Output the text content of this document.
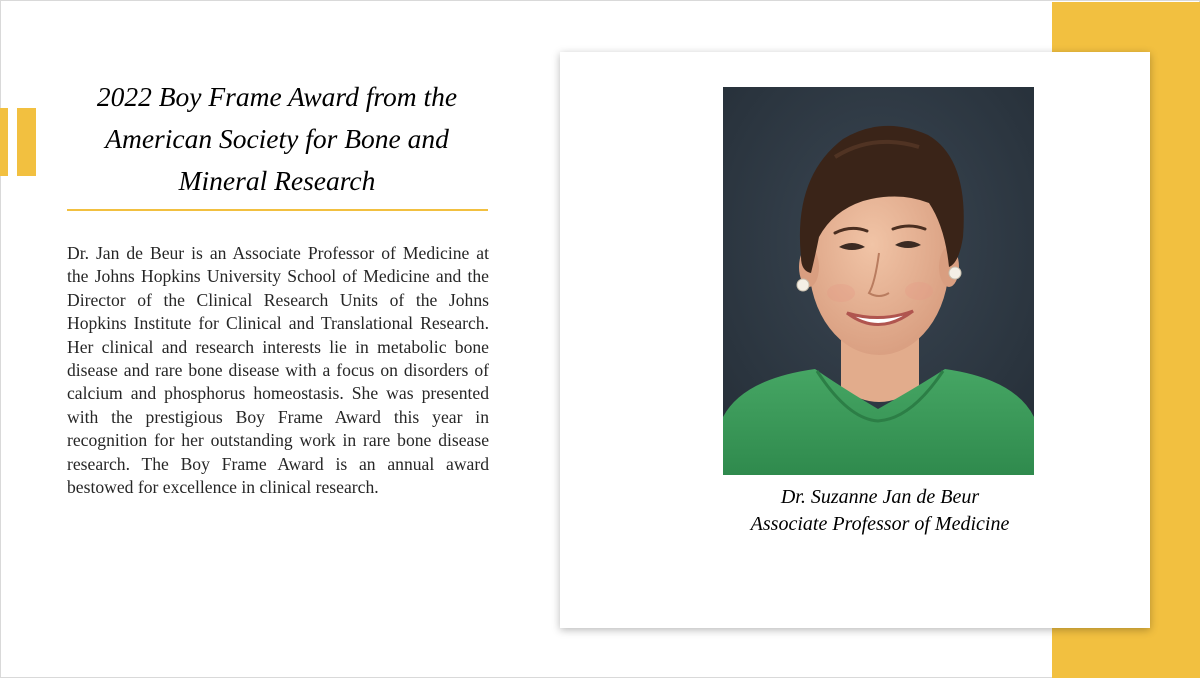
2022 Boy Frame Award from the American Society for Bone and Mineral Research

Dr. Jan de Beur is an Associate Professor of Medicine at the Johns Hopkins University School of Medicine and the Director of the Clinical Research Units of the Johns Hopkins Institute for Clinical and Translational Research. Her clinical and research interests lie in metabolic bone disease and rare bone disease with a focus on disorders of calcium and phosphorus homeostasis. She was presented with the prestigious Boy Frame Award this year in recognition for her outstanding work in rare bone disease research. The Boy Frame Award is an annual award bestowed for excellence in clinical research.	Dr. Suzanne Jan de Beur
Associate Professor of Medicine
